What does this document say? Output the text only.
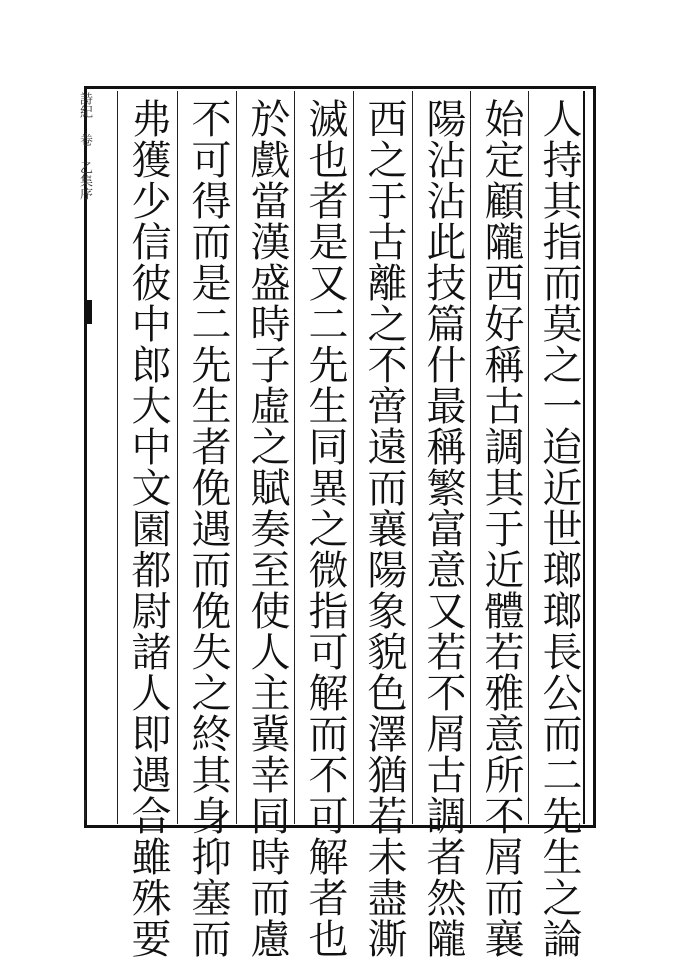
人持其指而莫之一迨近世瑯瑯長公而二先生之論
始定顧隴西好稱古調其于近體若雅意所不屑而襄
陽沾沾此技篇什最稱繁富意又若不屑古調者然隴
西之于古離之不啻遠而襄陽象貌色澤猶若未盡澌
滅也者是又二先生同異之微指可解而不可解者也
於戲當漢盛時子虛之賦奏至使人主冀幸同時而慮
不可得而是二先生者俛遇而俛失之終其身抑塞而
弗獲少信彼中郎大中文園都尉諸人即遇合雖殊要
詩紀 卷 乙集序
